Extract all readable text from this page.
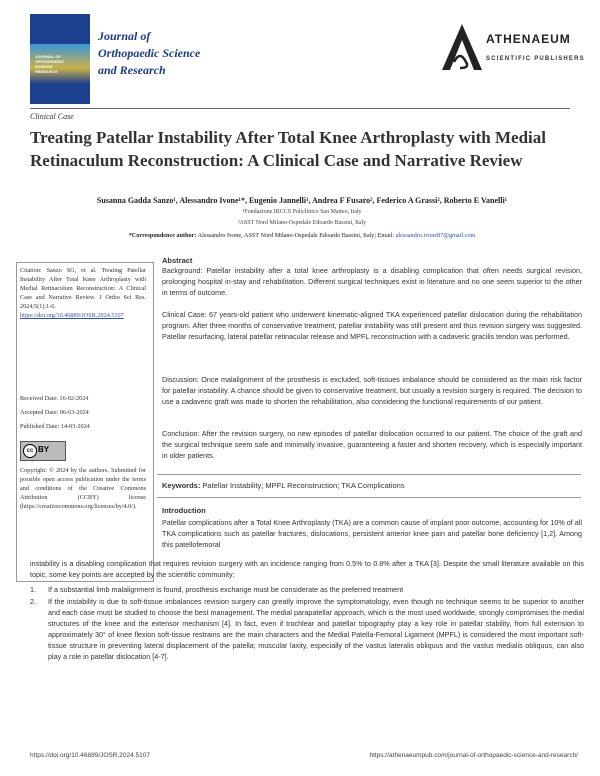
JOURNAL OF
ORTHOPAEDIC
SCIENCE
RESEARCH
Journal of
Orthopaedic Science
and Research
ATHENAEUM
SCIENTIFIC PUBLISHERS
Clinical Case
Treating Patellar Instability After Total Knee Arthroplasty with Medial Retinaculum Reconstruction: A Clinical Case and Narrative Review
Susanna Gadda Sanzo¹, Alessandro Ivone¹*, Eugenio Jannelli¹, Andrea F Fusaro², Federico A Grassi², Roberto E Vanelli¹
¹Fondazione IRCCS Policlinico San Matteo, Italy
²ASST Nord Milano-Ospedale Edoardo Bassini, Italy
*Correspondence author: Alessandro Ivone, ASST Nord Milano-Ospedale Edoardo Bassini, Italy; Email: alessandro.ivone87@gmail.com
Citation: Sanzo SG, et al. Treating Patellar Instability After Total Knee Arthroplasty with Medial Retinaculum Reconstruction: A Clinical Case and Narrative Review. J Ortho Sci Res. 2024;5(1):1-6. https://doi.org/10.46889/JOSR.2024.5107
Received Date: 16-02-2024
Accepted Date: 06-03-2024
Published Date: 14-03-2024
cc BY
Copyright: © 2024 by the authors. Submitted for possible open access publication under the terms and conditions of the Creative Commons Attribution (CCBY) license (https://creativecommons.org/licenses/by/4.0/).
Abstract
Background: Patellar instability after a total knee arthroplasty is a disabling complication that often needs surgical revision, prolonging hospital in-stay and rehabilitation. Different surgical techniques exist in literature and no one seem superior to the other in terms of outcome.
Clinical Case: 67 years-old patient who underwent kinematic-aligned TKA experienced patellar dislocation during the rehabilitation program. After three months of conservative treatment, patellar instability was still present and thus revision surgery was suggested. Patellar resurfacing, lateral patellar retinacular release and MPFL reconstruction with a cadaveric gracilis tendon was performed.
Discussion: Once malalignment of the prosthesis is excluded, soft-tissues imbalance should be considered as the main risk factor for patellar instability. A chance should be given to conservative treatment, but usually a revision surgery is required. The decision to use a cadaveric graft was made to shorten the rehabilitation, also considering the functional requirements of our patient.
Conclusion: After the revision surgery, no new episodes of patellar dislocation occurred to our patient. The choice of the graft and the surgical technique seem safe and minimally invasive, guaranteeing a faster and shorten recovery, which is especially important in older patients.
Keywords: Patellar Instability; MPFL Reconstruction; TKA Complications
Introduction
Patellar complications after a Total Knee Arthroplasty (TKA) are a common cause of implant poor outcome, accounting for 10% of all TKA complications such as patellar fractures, dislocations, persistent anterior knee pain and patellar bone deficiency [1,2]. Among this patellofemoral
instability is a disabling complication that requires revision surgery with an incidence ranging from 0.5% to 0.8% after a TKA [3]. Despite the small literature available on this topic, some key points are accepted by the scientific community:
1. If a substantial limb malalignment is found, prosthesis exchange must be considerate as the preferred treatment
2. If the instability is due to soft-tissue imbalances revision surgery can greatly improve the symptomatology, even though no technique seems to be superior to another and each case must be studied to choose the best management. The medial parapatellar approach, which is the most used worldwide, strongly compromises the medial structures of the knee and the extensor mechanism [4]. In fact, even if trochlear and patellar topography play a key role in patellar stability, from full extension to approximately 30° of knee flexion soft-tissue restrains are the main characters and the Medial Patella-Femoral Ligament (MPFL) is considered the most important soft-tissue structure in preventing lateral displacement of the patella; muscular laxity, especially of the vastus lateralis obliquus and the vastus medialis obliquus, can also play a role in patellar dislocation [4-7].
https://doi.org/10.46889/JOSR.2024.5107	https://athenaeumpub.com/journal-of-orthopaedic-science-and-research/
